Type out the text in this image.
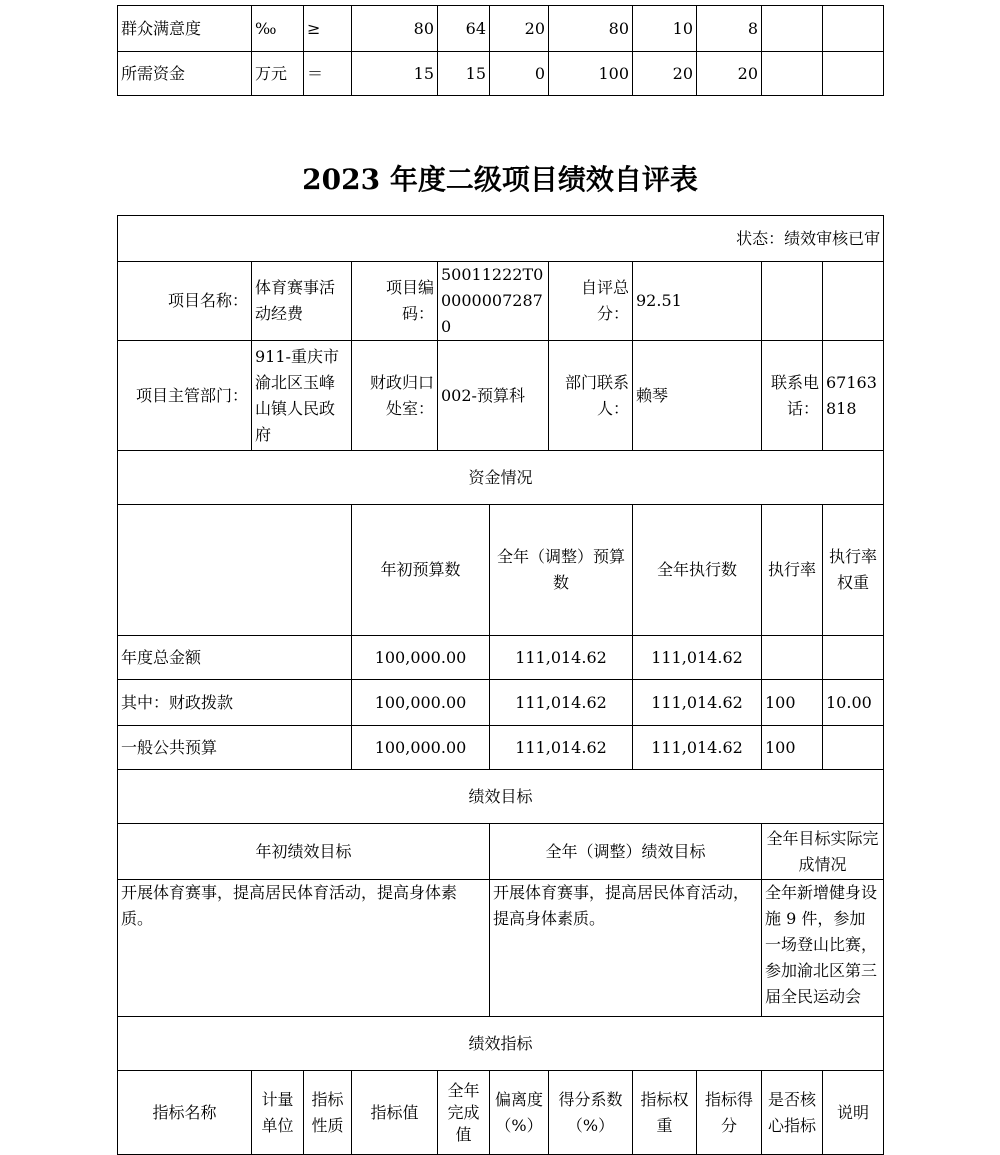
群众满意度	‰	≥	80	64	20	80	10	8		
所需资金	万元	＝	15	15	0	100	20	20		
2023 年度二级项目绩效自评表
状态：绩效审核已审											
项目名称：	体育赛事活动经费		项目编码：	50011222T000000072870		自评总分：	92.51				
项目主管部门：	911-重庆市渝北区玉峰山镇人民政府		财政归口处室：	002-预算科		部门联系人：	赖琴		联系电话：	67163818	
资金情况											
			年初预算数		全年（调整）预算数		全年执行数		执行率	执行率权重	
年度总金额			100,000.00		111,014.62		111,014.62				
其中：财政拨款			100,000.00		111,014.62		111,014.62		100	10.00	
一般公共预算			100,000.00		111,014.62		111,014.62		100		
绩效目标											
年初绩效目标					全年（调整）绩效目标				全年目标实际完成情况		
开展体育赛事，提高居民体育活动，提高身体素质。					开展体育赛事，提高居民体育活动，提高身体素质。				全年新增健身设施 9 件，参加一场登山比赛，参加渝北区第三届全民运动会		
绩效指标											
指标名称	计量单位	指标性质	指标值	全年完成值	偏离度（%）	得分系数（%）	指标权重	指标得分	是否核心指标	说明	
